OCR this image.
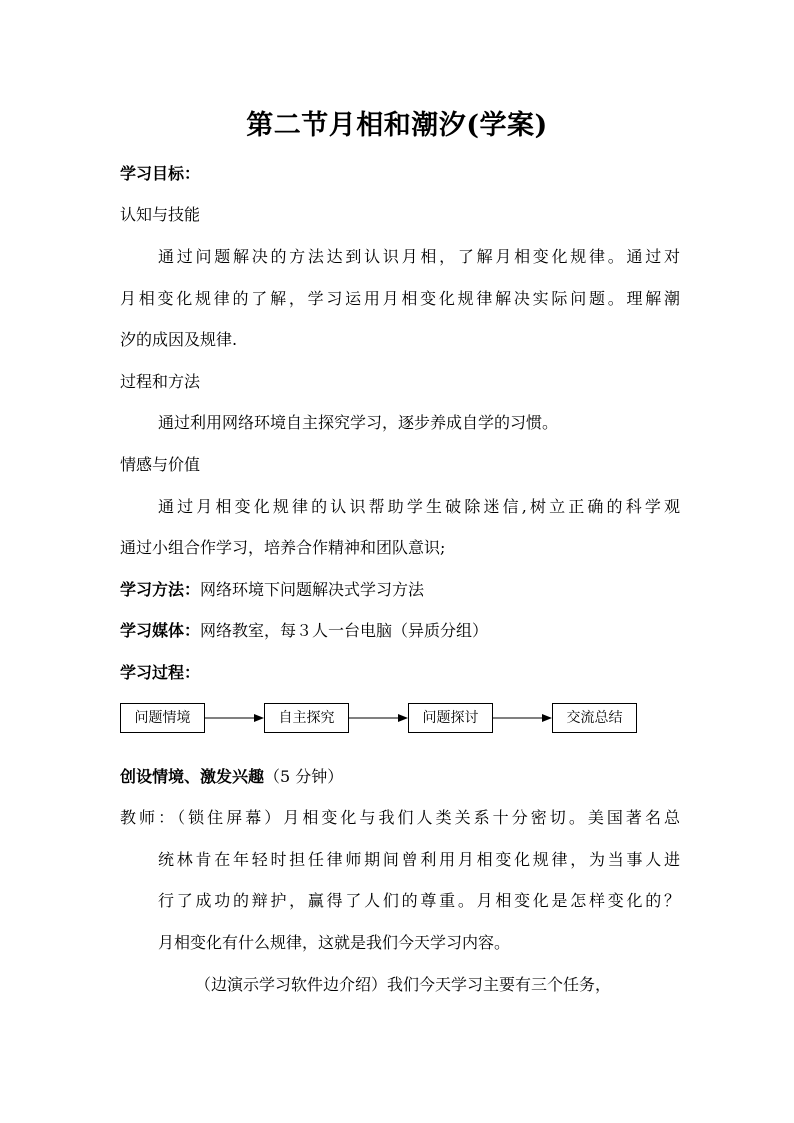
第二节月相和潮汐(学案)
学习目标：
认知与技能
通过问题解决的方法达到认识月相，了解月相变化规律。通过对
月相变化规律的了解，学习运用月相变化规律解决实际问题。理解潮
汐的成因及规律.
过程和方法
通过利用网络环境自主探究学习，逐步养成自学的习惯。
情感与价值
通过月相变化规律的认识帮助学生破除迷信,树立正确的科学观
通过小组合作学习，培养合作精神和团队意识;
学习方法：网络环境下问题解决式学习方法
学习媒体：网络教室，每３人一台电脑（异质分组）
学习过程：
问题情境	自主探究	问题探讨	交流总结
创设情境、激发兴趣（5 分钟）
教师：（锁住屏幕）月相变化与我们人类关系十分密切。美国著名总
统林肯在年轻时担任律师期间曾利用月相变化规律，为当事人进
行了成功的辩护，赢得了人们的尊重。月相变化是怎样变化的？
月相变化有什么规律，这就是我们今天学习内容。
（边演示学习软件边介绍）我们今天学习主要有三个任务，
